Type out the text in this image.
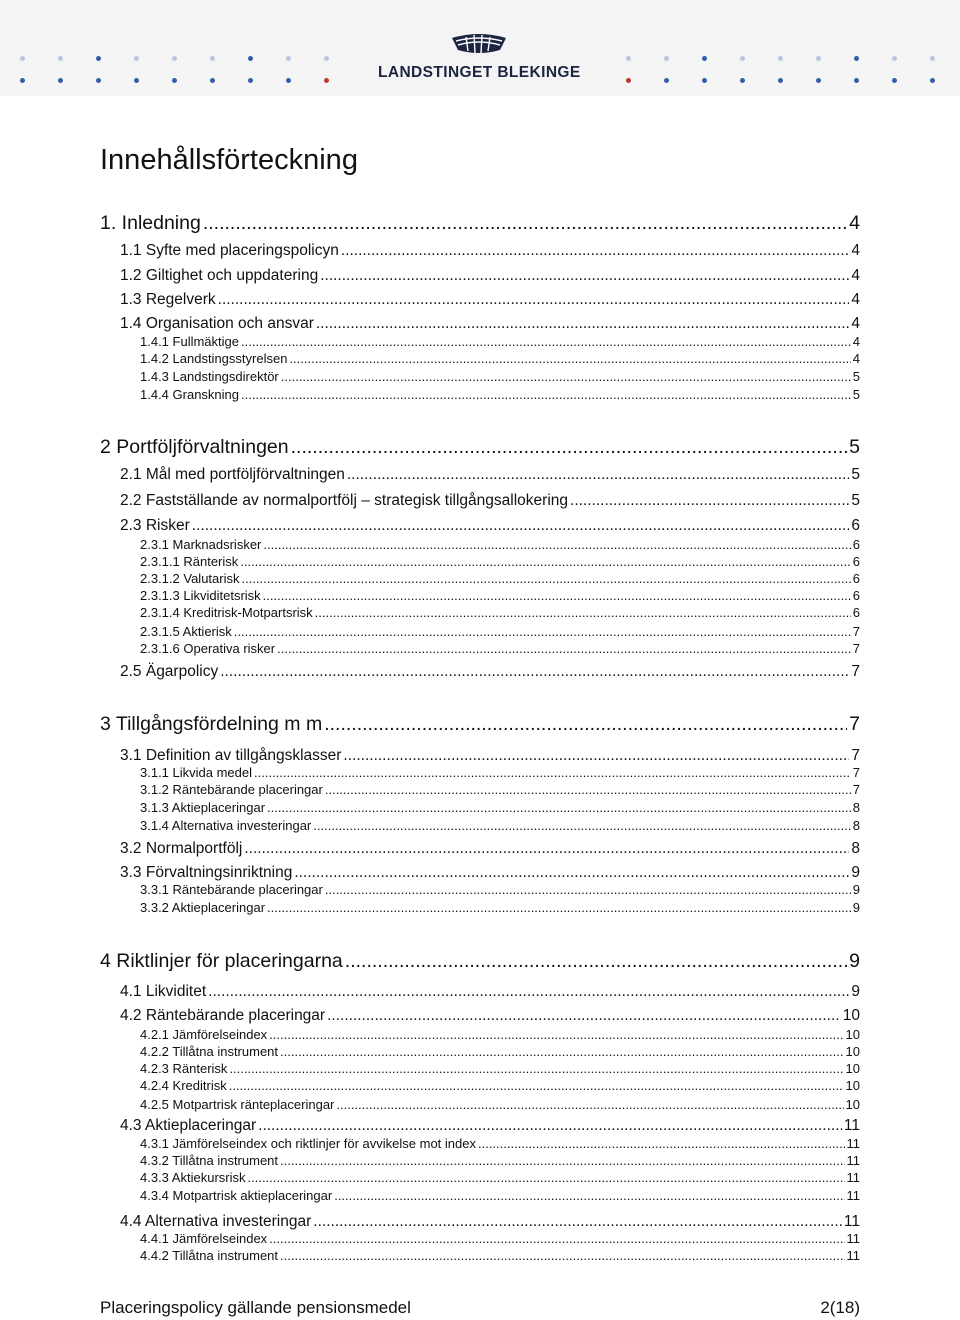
LANDSTINGET BLEKINGE
Innehållsförteckning
1. Inledning .....	4
1.1 Syfte med placeringspolicyn .....	4
1.2 Giltighet och uppdatering .....	4
1.3 Regelverk .....	4
1.4 Organisation och ansvar .....	4
1.4.1 Fullmäktige .....	4
1.4.2 Landstingsstyrelsen .....	4
1.4.3 Landstingsdirektör .....	5
1.4.4 Granskning .....	5
2 Portföljförvaltningen .....	5
2.1 Mål med portföljförvaltningen .....	5
2.2 Fastställande av normalportfölj – strategisk tillgångsallokering .....	5
2.3 Risker .....	6
2.3.1 Marknadsrisker .....	6
2.3.1.1 Ränterisk .....	6
2.3.1.2 Valutarisk .....	6
2.3.1.3 Likviditetsrisk .....	6
2.3.1.4 Kreditrisk-Motpartsrisk .....	6
2.3.1.5 Aktierisk .....	7
2.3.1.6 Operativa risker .....	7
2.5 Ägarpolicy .....	7
3 Tillgångsfördelning m m .....	7
3.1 Definition av tillgångsklasser .....	7
3.1.1 Likvida medel .....	7
3.1.2 Räntebärande placeringar .....	7
3.1.3 Aktieplaceringar .....	8
3.1.4 Alternativa investeringar .....	8
3.2 Normalportfölj .....	8
3.3 Förvaltningsinriktning .....	9
3.3.1 Räntebärande placeringar .....	9
3.3.2 Aktieplaceringar .....	9
4 Riktlinjer för placeringarna .....	9
4.1 Likviditet .....	9
4.2 Räntebärande placeringar .....	10
4.2.1 Jämförelseindex .....	10
4.2.2 Tillåtna instrument .....	10
4.2.3 Ränterisk .....	10
4.2.4 Kreditrisk .....	10
4.2.5 Motpartrisk ränteplaceringar .....	10
4.3 Aktieplaceringar .....	11
4.3.1 Jämförelseindex och riktlinjer för avvikelse mot index .....	11
4.3.2 Tillåtna instrument .....	11
4.3.3 Aktiekursrisk .....	11
4.3.4 Motpartrisk aktieplaceringar .....	11
4.4 Alternativa investeringar .....	11
4.4.1 Jämförelseindex .....	11
4.4.2 Tillåtna instrument .....	11
Placeringspolicy gällande pensionsmedel	2(18)
